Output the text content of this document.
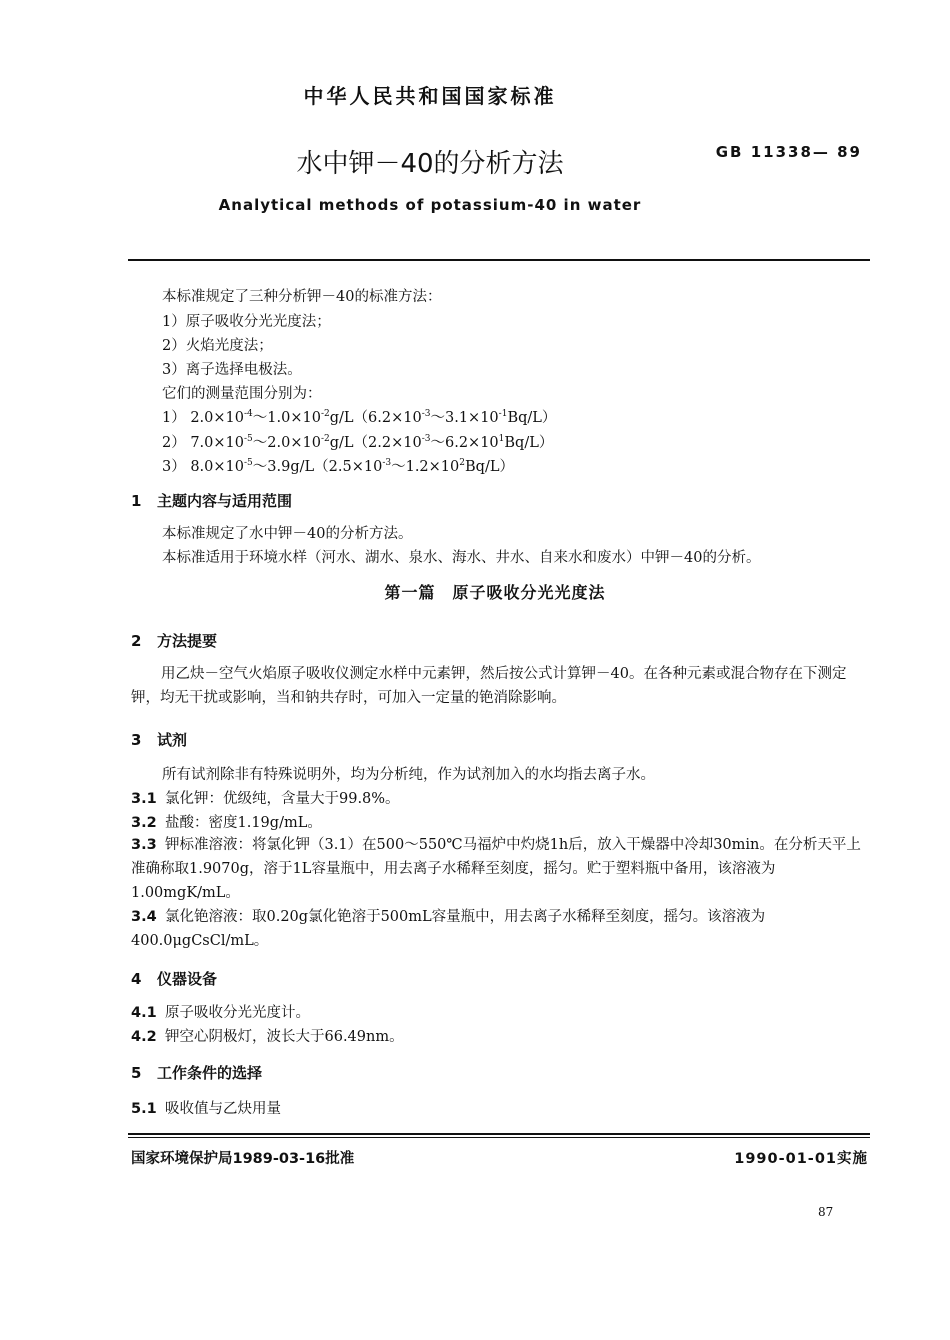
中华人民共和国国家标准
水中钾－40的分析方法	GB 11338— 89
Analytical methods of potassium-40 in water
本标准规定了三种分析钾－40的标准方法：
1）原子吸收分光光度法；
2）火焰光度法；
3）离子选择电极法。
它们的测量范围分别为：
1） $2.0\times 10^{-4}\sim 1.0\times 10^{-2}g/L(6.2\times 10^{-3}\sim 3.1\times 10^{-1}Bq/L)$
2） $7.0\times 10^{-5}\sim 2.0\times 10^{-2}g/L(2.2\times 10^{-3}\sim 6.2\times 10^1Bq/L)$
3） $8.0\times 10^{-5}\sim 3.9g/L(2.5\times 10^{-3}\sim 1.2\times 10^2Bq/L)$
1 主题内容与适用范围
本标准规定了水中钾－40的分析方法。
本标准适用于环境水样（河水、湖水、泉水、海水、井水、自来水和废水）中钾－40的分析。
第一篇　原子吸收分光光度法
2 方法提要
用乙炔－空气火焰原子吸收仪测定水样中元素钾，然后按公式计算钾－40。在各种元素或混合物存在下测定钾，均无干扰或影响，当和钠共存时，可加入一定量的铯消除影响。
3 试剂
所有试剂除非有特殊说明外，均为分析纯，作为试剂加入的水均指去离子水。
3.1 氯化钾：优级纯，含量大于99.8%。
3.2 盐酸：密度1.19g/mL。
3.3 钾标准溶液：将氯化钾（3.1）在500～550℃马福炉中灼烧1h后，放入干燥器中冷却30min。在分析天平上准确称取1.9070g，溶于1L容量瓶中，用去离子水稀释至刻度，摇匀。贮于塑料瓶中备用，该溶液为1.00mgK/mL。
3.4 氯化铯溶液：取0.20g氯化铯溶于500mL容量瓶中，用去离子水稀释至刻度，摇匀。该溶液为400.0μgCsCl/mL。
4 仪器设备
4.1 原子吸收分光光度计。
4.2 钾空心阴极灯，波长大于66.49nm。
5 工作条件的选择
5.1 吸收值与乙炔用量
国家环境保护局1989-03-16批准	1990-01-01实施
87
